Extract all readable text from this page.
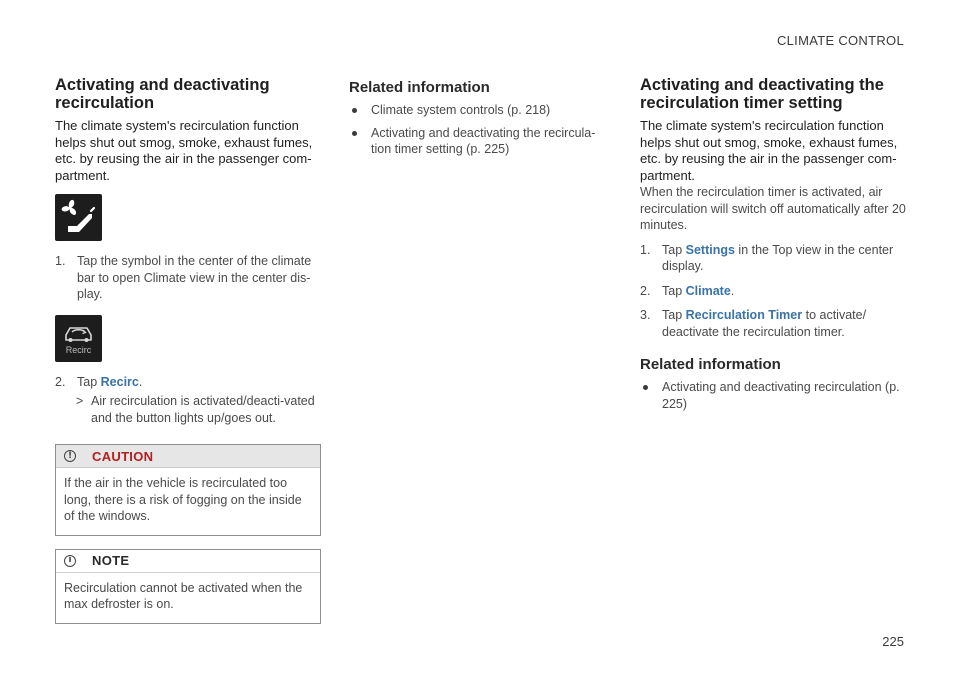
CLIMATE CONTROL
Activating and deactivating recirculation

The climate system's recirculation function helps shut out smog, smoke, exhaust fumes, etc. by reusing the air in the passenger com-partment.

1. Tap the symbol in the center of the climate bar to open Climate view in the center dis-play.
Recirc
2. Tap Recirc.
> Air recirculation is activated/deacti-vated and the button lights up/goes out.
!	CAUTION
If the air in the vehicle is recirculated too long, there is a risk of fogging on the inside of the windows.
i	NOTE
Recirculation cannot be activated when the max defroster is on.
Related information
Climate system controls (p. 218)
Activating and deactivating the recircula-tion timer setting (p. 225)
Activating and deactivating the recirculation timer setting

The climate system's recirculation function helps shut out smog, smoke, exhaust fumes, etc. by reusing the air in the passenger com-partment.

When the recirculation timer is activated, air recirculation will switch off automatically after 20 minutes.

1. Tap Settings in the Top view in the center display.
2. Tap Climate.
3. Tap Recirculation Timer to activate/ deactivate the recirculation timer.
Related information
Activating and deactivating recirculation (p. 225)
225
